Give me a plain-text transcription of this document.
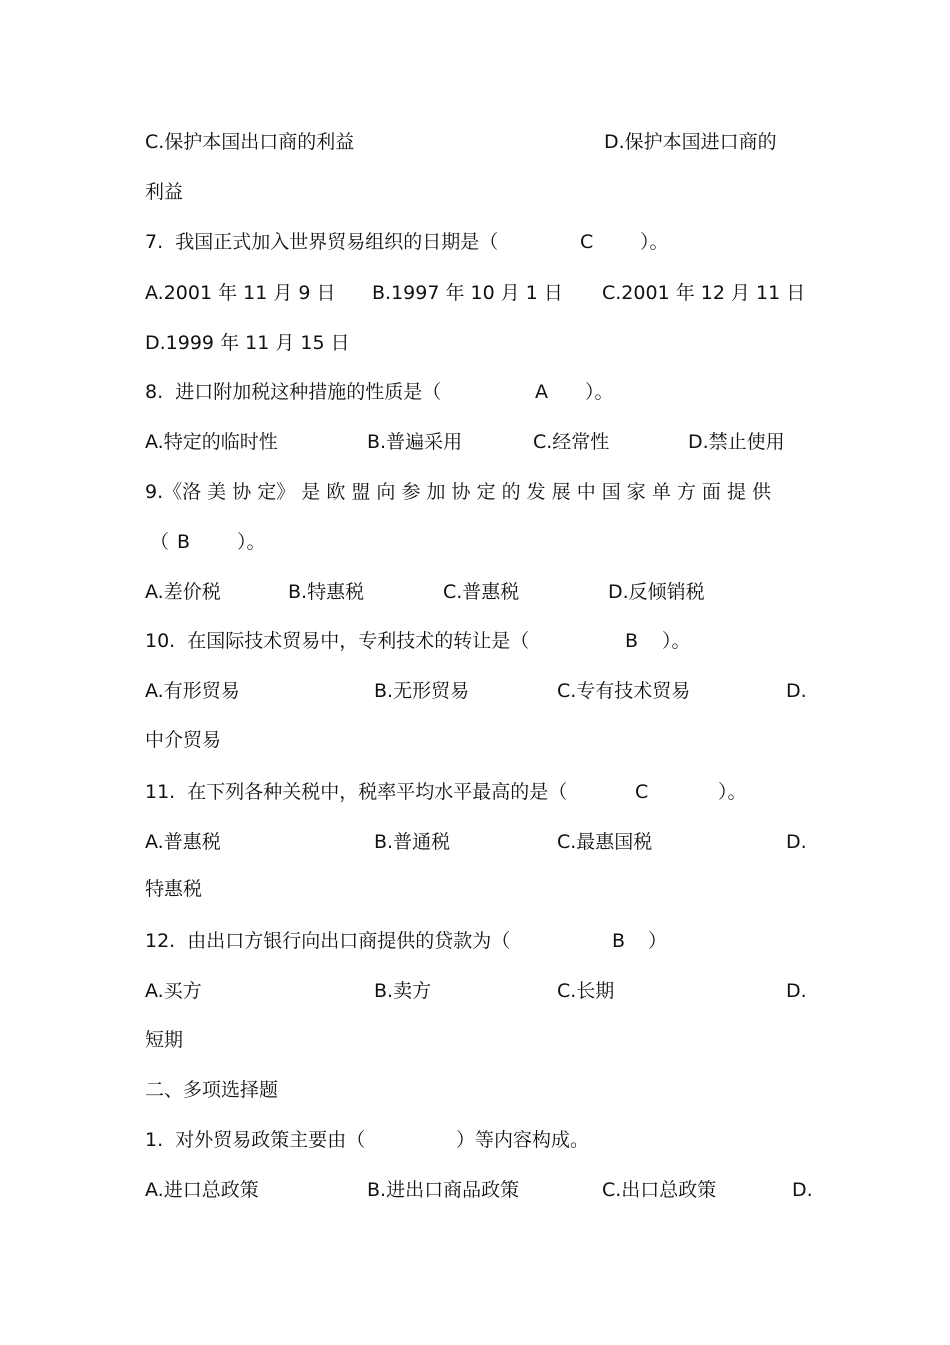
C.保护本国出口商的利益	D.保护本国进口商的
利益
7.  我国正式加入世界贸易组织的日期是（	C ）。
A.2001 年 11 月 9 日 B.1997 年 10 月 1 日 C.2001 年 12 月 11 日
D.1999 年 11 月 15 日
8.  进口附加税这种措施的性质是（	A ）。
A.特定的临时性	B.普遍采用	C.经常性	D.禁止使用
9.《洛 美 协 定》 是 欧 盟 向 参 加 协 定 的 发 展 中 国 家 单 方 面 提 供
（ B ）。
A.差价税	B.特惠税	C.普惠税	D.反倾销税
10.  在国际技术贸易中，专利技术的转让是（	B ）。
A.有形贸易	B.无形贸易	C.专有技术贸易	D.
中介贸易
11.  在下列各种关税中，税率平均水平最高的是（	C	）。
A.普惠税	B.普通税	C.最惠国税	D.
特惠税
12.  由出口方银行向出口商提供的贷款为（	B ）
A.买方	B.卖方	C.长期	D.
短期
二、多项选择题
1.  对外贸易政策主要由（	）等内容构成。
A.进口总政策	B.进出口商品政策	C.出口总政策	D.
